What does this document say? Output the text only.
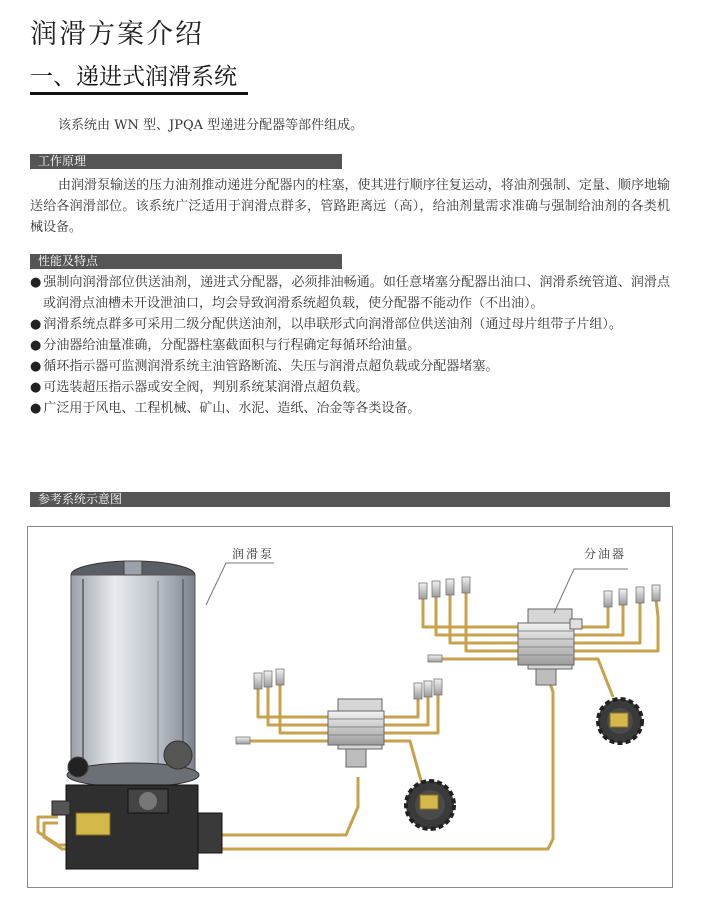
润滑方案介绍
一、递进式润滑系统
该系统由 WN 型、JPQA 型递进分配器等部件组成。
工作原理
由润滑泵输送的压力油剂推动递进分配器内的柱塞，使其进行顺序往复运动，将油剂强制、定量、顺序地输送给各润滑部位。该系统广泛适用于润滑点群多，管路距离远（高），给油剂量需求准确与强制给油剂的各类机械设备。
性能及特点
● 强制向润滑部位供送油剂，递进式分配器，必须排油畅通。如任意堵塞分配器出油口、润滑系统管道、润滑点或润滑点油槽未开设泄油口，均会导致润滑系统超负载，使分配器不能动作（不出油）。
● 润滑系统点群多可采用二级分配供送油剂，以串联形式向润滑部位供送油剂（通过母片组带子片组）。
● 分油器给油量准确，分配器柱塞截面积与行程确定每循环给油量。
● 循环指示器可监测润滑系统主油管路断流、失压与润滑点超负载或分配器堵塞。
● 可选装超压指示器或安全阀，判别系统某润滑点超负载。
● 广泛用于风电、工程机械、矿山、水泥、造纸、冶金等各类设备。
参考系统示意图
润滑泵	分油器
